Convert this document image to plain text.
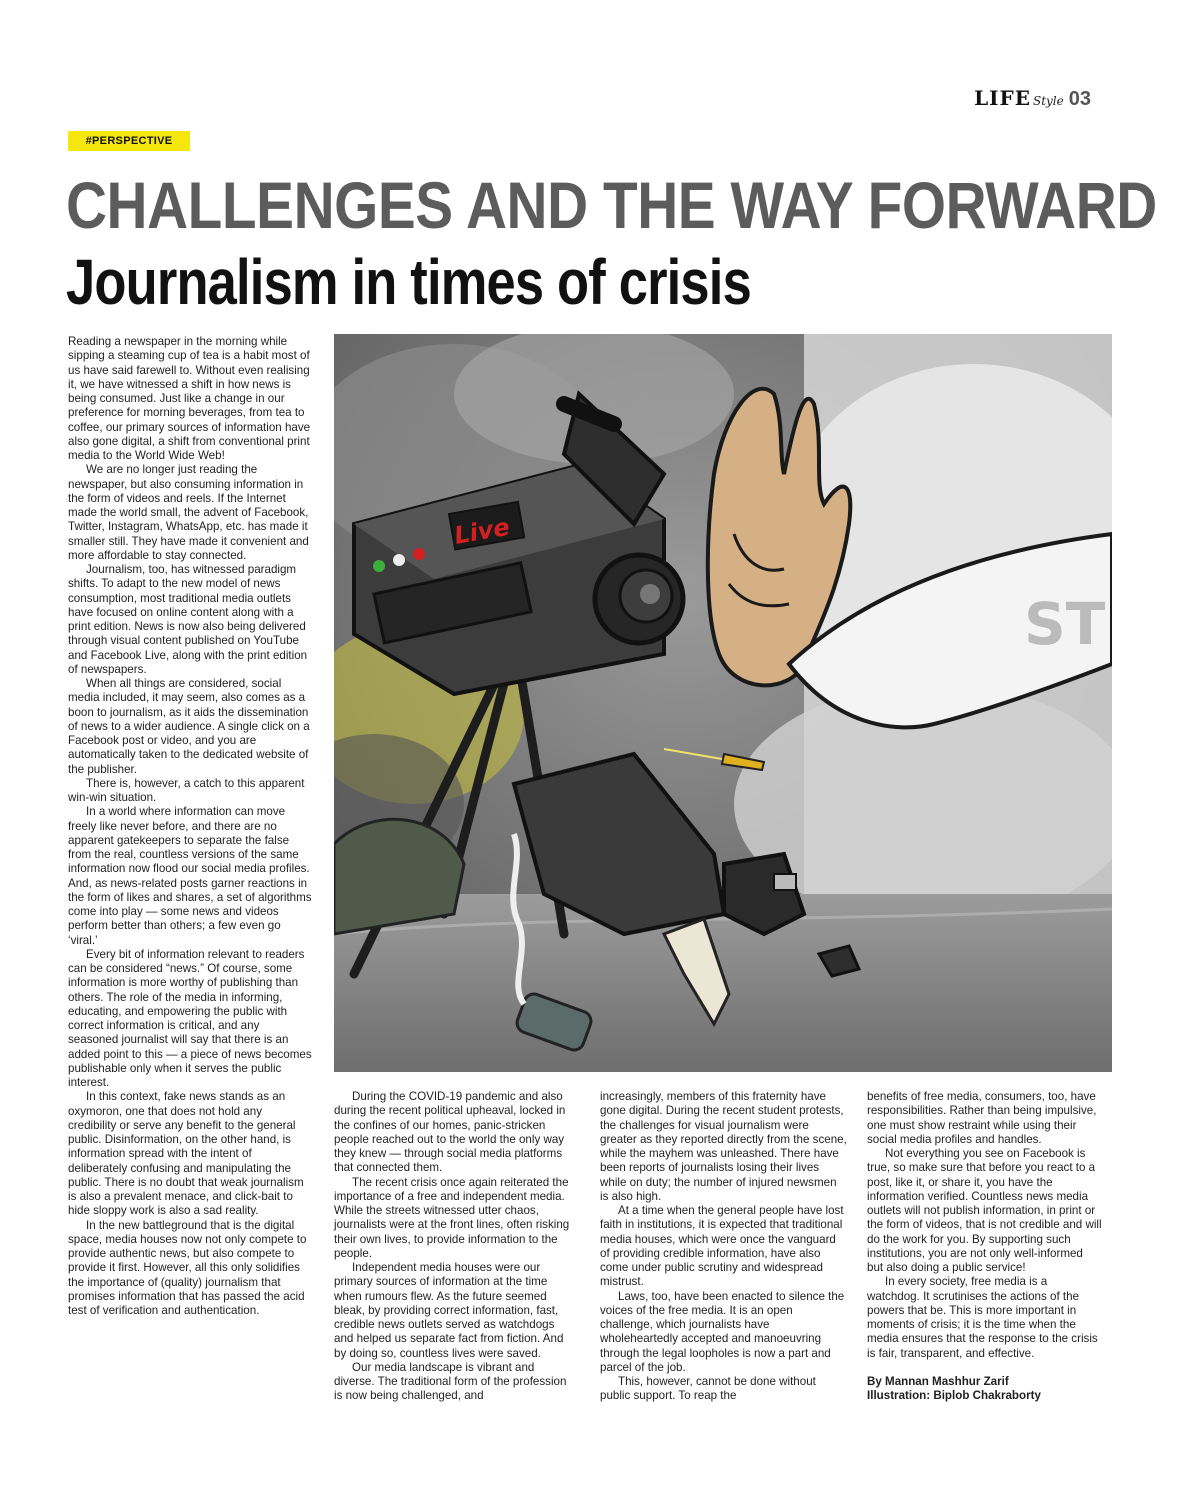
LIFE Style 03
#PERSPECTIVE
CHALLENGES AND THE WAY FORWARD
Journalism in times of crisis

Reading a newspaper in the morning while sipping a steaming cup of tea is a habit most of us have said farewell to. Without even realising it, we have witnessed a shift in how news is being consumed. Just like a change in our preference for morning beverages, from tea to coffee, our primary sources of information have also gone digital, a shift from conventional print media to the World Wide Web!

We are no longer just reading the newspaper, but also consuming information in the form of videos and reels. If the Internet made the world small, the advent of Facebook, Twitter, Instagram, WhatsApp, etc. has made it smaller still. They have made it convenient and more affordable to stay connected.

Journalism, too, has witnessed paradigm shifts. To adapt to the new model of news consumption, most traditional media outlets have focused on online content along with a print edition. News is now also being delivered through visual content published on YouTube and Facebook Live, along with the print edition of newspapers.

When all things are considered, social media included, it may seem, also comes as a boon to journalism, as it aids the dissemination of news to a wider audience. A single click on a Facebook post or video, and you are automatically taken to the dedicated website of the publisher.

There is, however, a catch to this apparent win-win situation.

In a world where information can move freely like never before, and there are no apparent gatekeepers to separate the false from the real, countless versions of the same information now flood our social media profiles. And, as news-related posts garner reactions in the form of likes and shares, a set of algorithms come into play — some news and videos perform better than others; a few even go ‘viral.’

Every bit of information relevant to readers can be considered “news.” Of course, some information is more worthy of publishing than others. The role of the media in informing, educating, and empowering the public with correct information is critical, and any seasoned journalist will say that there is an added point to this — a piece of news becomes publishable only when it serves the public interest.

In this context, fake news stands as an oxymoron, one that does not hold any credibility or serve any benefit to the general public. Disinformation, on the other hand, is information spread with the intent of deliberately confusing and manipulating the public. There is no doubt that weak journalism is also a prevalent menace, and click-bait to hide sloppy work is also a sad reality.

In the new battleground that is the digital space, media houses now not only compete to provide authentic news, but also compete to provide it first. However, all this only solidifies the importance of (quality) journalism that promises information that has passed the acid test of verification and authentication.

Live
ST

During the COVID-19 pandemic and also during the recent political upheaval, locked in the confines of our homes, panic-stricken people reached out to the world the only way they knew — through social media platforms that connected them.

The recent crisis once again reiterated the importance of a free and independent media. While the streets witnessed utter chaos, journalists were at the front lines, often risking their own lives, to provide information to the people.

Independent media houses were our primary sources of information at the time when rumours flew. As the future seemed bleak, by providing correct information, fast, credible news outlets served as watchdogs and helped us separate fact from fiction. And by doing so, countless lives were saved.

Our media landscape is vibrant and diverse. The traditional form of the profession is now being challenged, and

increasingly, members of this fraternity have gone digital. During the recent student protests, the challenges for visual journalism were greater as they reported directly from the scene, while the mayhem was unleashed. There have been reports of journalists losing their lives while on duty; the number of injured newsmen is also high.

At a time when the general people have lost faith in institutions, it is expected that traditional media houses, which were once the vanguard of providing credible information, have also come under public scrutiny and widespread mistrust.

Laws, too, have been enacted to silence the voices of the free media. It is an open challenge, which journalists have wholeheartedly accepted and manoeuvring through the legal loopholes is now a part and parcel of the job.

This, however, cannot be done without public support. To reap the

benefits of free media, consumers, too, have responsibilities. Rather than being impulsive, one must show restraint while using their social media profiles and handles.

Not everything you see on Facebook is true, so make sure that before you react to a post, like it, or share it, you have the information verified. Countless news media outlets will not publish information, in print or the form of videos, that is not credible and will do the work for you. By supporting such institutions, you are not only well-informed but also doing a public service!

In every society, free media is a watchdog. It scrutinises the actions of the powers that be. This is more important in moments of crisis; it is the time when the media ensures that the response to the crisis is fair, transparent, and effective.

By Mannan Mashhur Zarif
Illustration: Biplob Chakraborty
